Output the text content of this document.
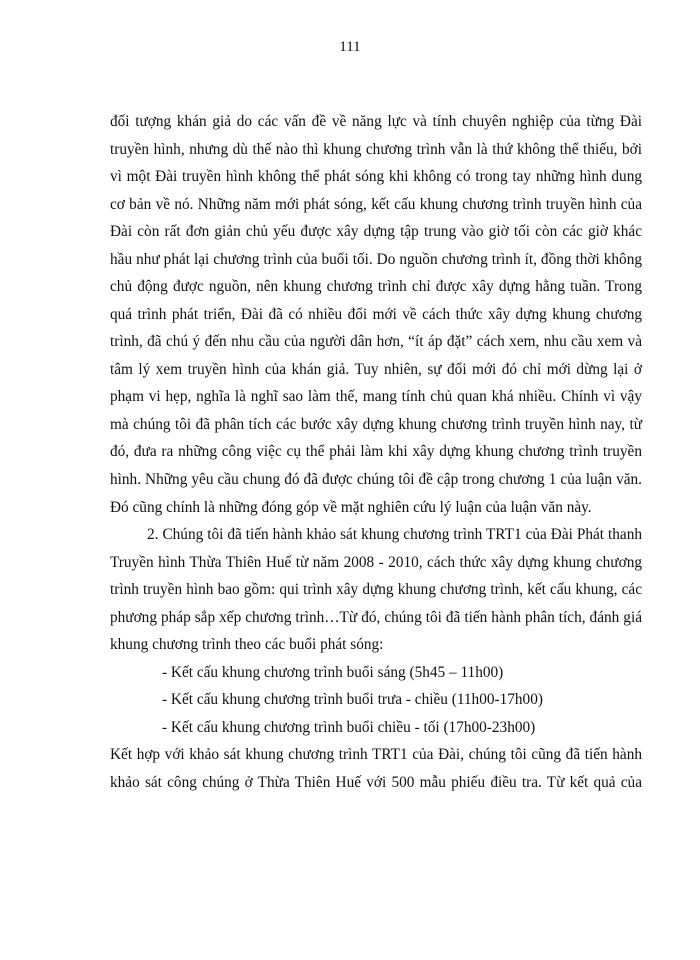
111
đối tượng khán giả do các vấn đề về năng lực và tính chuyên nghiệp của từng Đài
truyền hình, nhưng dù thế nào thì khung chương trình vẫn là thứ không thể thiếu, bởi
vì một Đài truyền hình không thể phát sóng khi không có trong tay những hình dung
cơ bản về nó. Những năm mới phát sóng, kết cấu khung chương trình truyền hình của
Đài còn rất đơn giản chủ yếu được xây dựng tập trung vào giờ tối còn các giờ khác
hầu như phát lại chương trình của buổi tối. Do nguồn chương trình ít, đồng thời không
chủ động được nguồn, nên khung chương trình chỉ được xây dựng hằng tuần. Trong
quá trình phát triển, Đài đã có nhiều đổi mới về cách thức xây dựng khung chương
trình, đã chú ý đến nhu cầu của người dân hơn, “ít áp đặt” cách xem, nhu cầu xem và
tâm lý xem truyền hình của khán giả. Tuy nhiên, sự đổi mới đó chỉ mới dừng lại ở
phạm vi hẹp, nghĩa là nghĩ sao làm thế, mang tính chủ quan khá nhiều. Chính vì vậy
mà chúng tôi đã phân tích các bước xây dựng khung chương trình truyền hình nay, từ
đó, đưa ra những công việc cụ thể phải làm khi xây dựng khung chương trình truyền
hình. Những yêu cầu chung đó đã được chúng tôi đề cập trong chương 1 của luận văn.
Đó cũng chính là những đóng góp về mặt nghiên cứu lý luận của luận văn này.
2. Chúng tôi đã tiến hành khảo sát khung chương trình TRT1 của Đài Phát thanh
Truyền hình Thừa Thiên Huế từ năm 2008 - 2010, cách thức xây dựng khung chương
trình truyền hình bao gồm: qui trình xây dựng khung chương trình, kết cấu khung, các
phương pháp sắp xếp chương trình…Từ đó, chúng tôi đã tiến hành phân tích, đánh giá
khung chương trình theo các buổi phát sóng:
- Kết cấu khung chương trình buổi sáng (5h45 – 11h00)
- Kết cấu khung chương trình buổi trưa - chiều (11h00-17h00)
- Kết cấu khung chương trình buổi chiều - tối (17h00-23h00)
Kết hợp với khảo sát khung chương trình TRT1 của Đài, chúng tôi cũng đã tiến hành
khảo sát công chúng ở Thừa Thiên Huế với 500 mẫu phiếu điều tra. Từ kết quả của
